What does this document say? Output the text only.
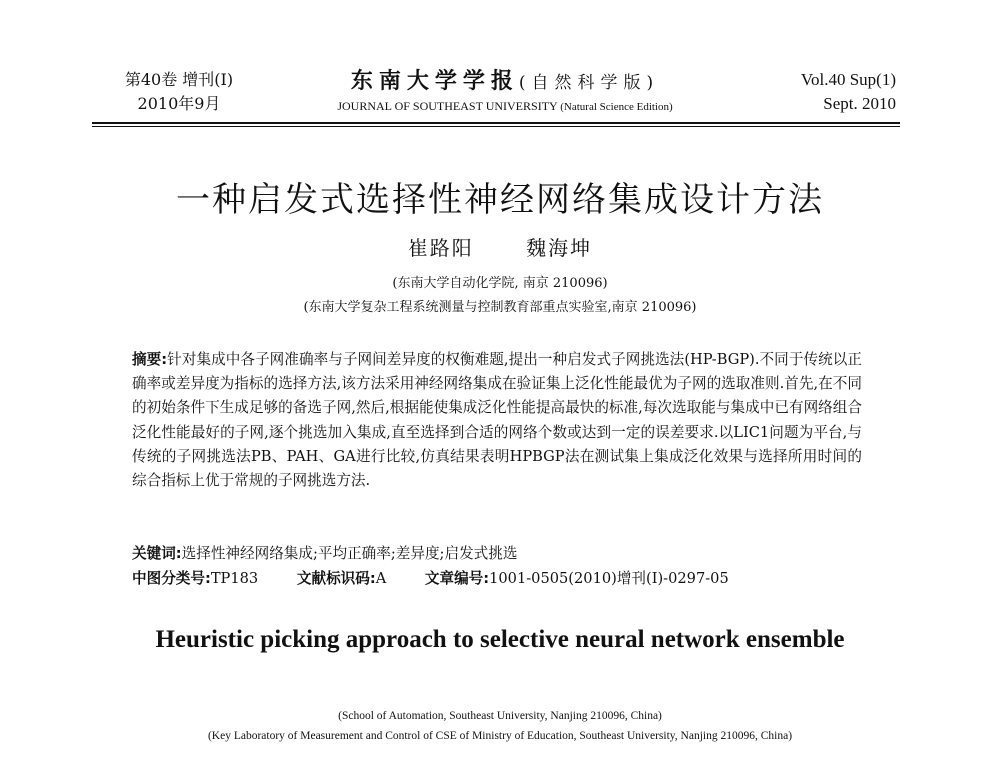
第40卷 增刊(Ⅰ)
2010年9月
东南大学学报(自然科学版)
JOURNAL OF SOUTHEAST UNIVERSITY (Natural Science Edition)
Vol.40 Sup(1)
Sept. 2010
一种启发式选择性神经网络集成设计方法
崔路阳	魏海坤
(东南大学自动化学院, 南京 210096)
(东南大学复杂工程系统测量与控制教育部重点实验室,南京 210096)
摘要:针对集成中各子网准确率与子网间差异度的权衡难题,提出一种启发式子网挑选法(HP-BGP).不同于传统以正确率或差异度为指标的选择方法,该方法采用神经网络集成在验证集上泛化性能最优为子网的选取准则.首先,在不同的初始条件下生成足够的备选子网,然后,根据能使集成泛化性能提高最快的标准,每次选取能与集成中已有网络组合泛化性能最好的子网,逐个挑选加入集成,直至选择到合适的网络个数或达到一定的误差要求.以LIC1问题为平台,与传统的子网挑选法PB、PAH、GA进行比较,仿真结果表明HPBGP法在测试集上集成泛化效果与选择所用时间的综合指标上优于常规的子网挑选方法.
关键词:选择性神经网络集成;平均正确率;差异度;启发式挑选
中图分类号:TP183	文献标识码:A	文章编号:1001-0505(2010)增刊(Ⅰ)-0297-05
Heuristic picking approach to selective neural network ensemble
(School of Automation, Southeast University, Nanjing 210096, China)
(Key Laboratory of Measurement and Control of CSE of Ministry of Education, Southeast University, Nanjing 210096, China)
